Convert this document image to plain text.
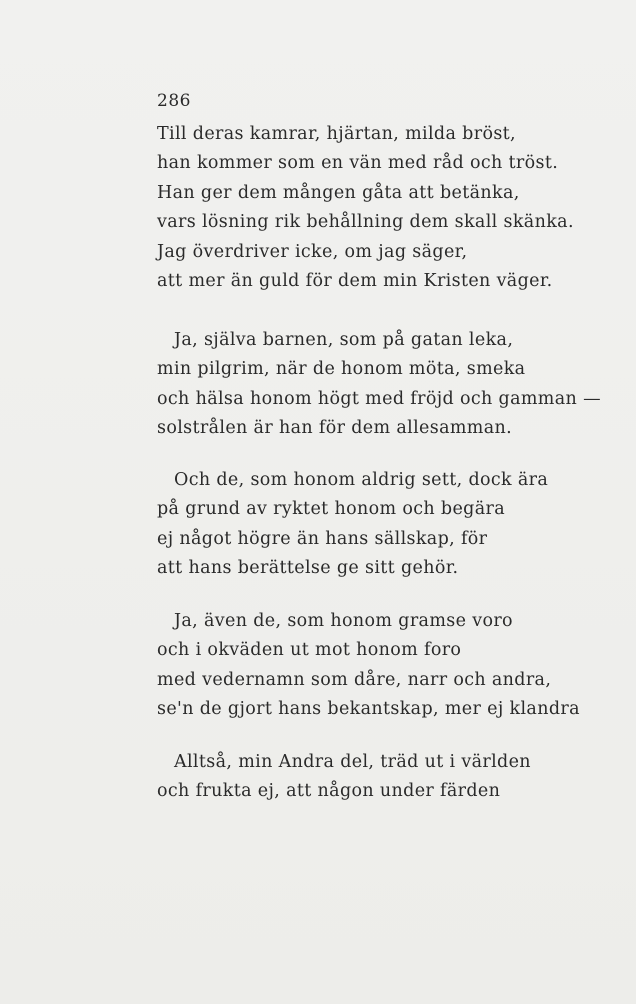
286
Till deras kamrar, hjärtan, milda bröst,
han kommer som en vän med råd och tröst.
Han ger dem mången gåta att betänka,
vars lösning rik behållning dem skall skänka.
Jag överdriver icke, om jag säger,
att mer än guld för dem min Kristen väger.
Ja, själva barnen, som på gatan leka,
min pilgrim, när de honom möta, smeka
och hälsa honom högt med fröjd och gamman —
solstrålen är han för dem allesamman.
Och de, som honom aldrig sett, dock ära
på grund av ryktet honom och begära
ej något högre än hans sällskap, för
att hans berättelse ge sitt gehör.
Ja, även de, som honom gramse voro
och i okväden ut mot honom foro
med vedernamn som dåre, narr och andra,
se'n de gjort hans bekantskap, mer ej klandra
Alltså, min Andra del, träd ut i världen
och frukta ej, att någon under färden
